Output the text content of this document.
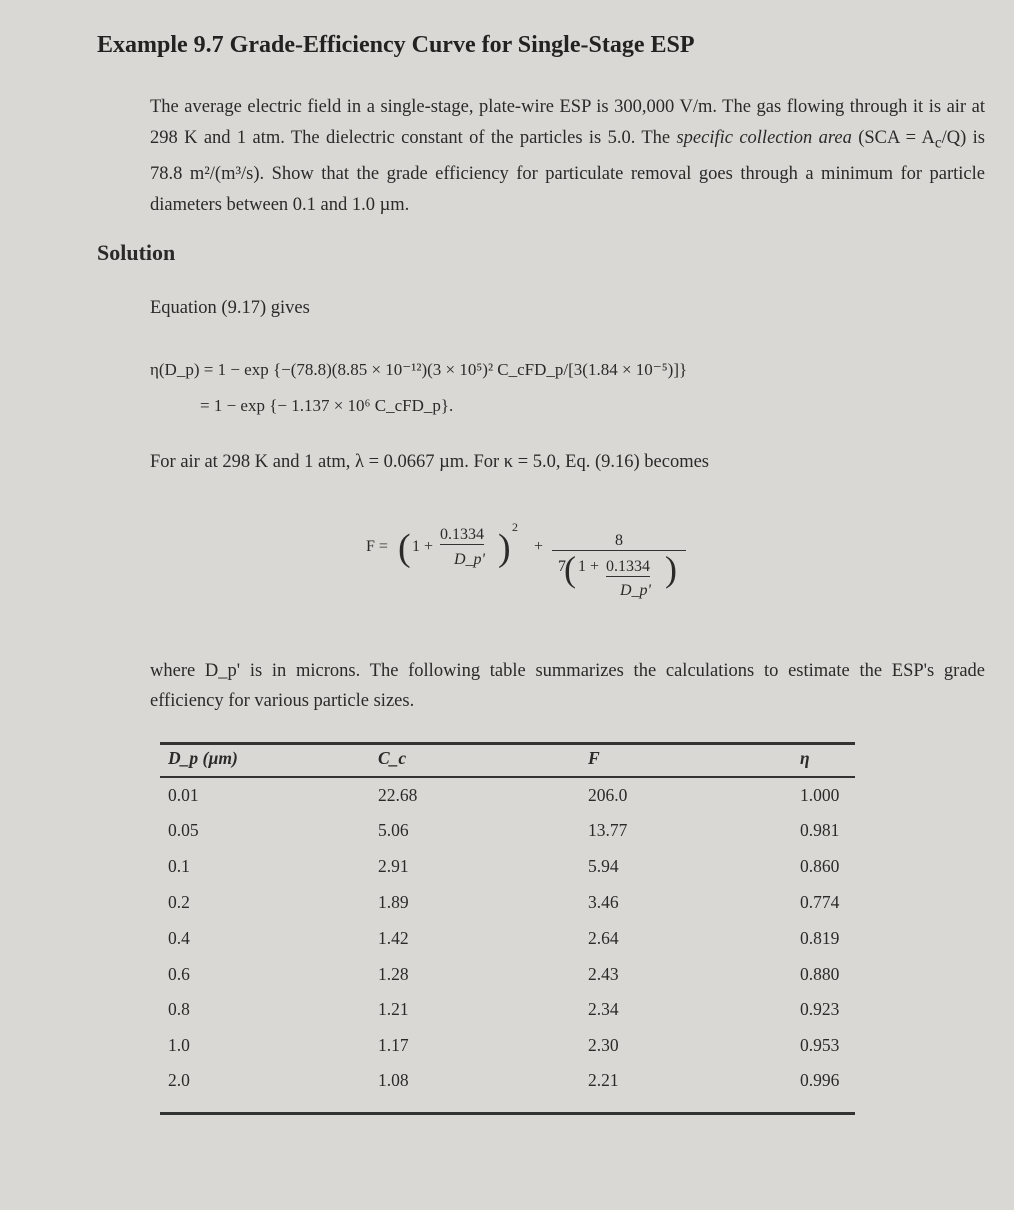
Example 9.7 Grade-Efficiency Curve for Single-Stage ESP
The average electric field in a single-stage, plate-wire ESP is 300,000 V/m. The gas flowing through it is air at 298 K and 1 atm. The dielectric constant of the particles is 5.0. The specific collection area $(SCA = A_c/Q)$ is 78.8 m²/(m³/s). Show that the grade efficiency for particulate removal goes through a minimum for particle diameters between 0.1 and 1.0 µm.
Solution
Equation (9.17) gives
η(D_p) = 1 − exp {−(78.8)(8.85 × 10⁻¹²)(3 × 10⁵)² C_cFD_p/[3(1.84 × 10⁻⁵)]}
= 1 − exp {− 1.137 × 10⁶ C_cFD_p}.
For air at 298 K and 1 atm, λ = 0.0667 µm. For κ = 5.0, Eq. (9.16) becomes
F = ( 1 +
0.1334
D_p' ) 2
+	8
7
( 1 + 0.1334
D_p'
)
where D_p' is in microns. The following table summarizes the calculations to estimate the ESP's grade efficiency for various particle sizes.
D_p (µm)	C_c	F	η
0.01	22.68	206.0	1.000
0.05	5.06	13.77	0.981
0.1	2.91	5.94	0.860
0.2	1.89	3.46	0.774
0.4	1.42	2.64	0.819
0.6	1.28	2.43	0.880
0.8	1.21	2.34	0.923
1.0	1.17	2.30	0.953
2.0	1.08	2.21	0.996
